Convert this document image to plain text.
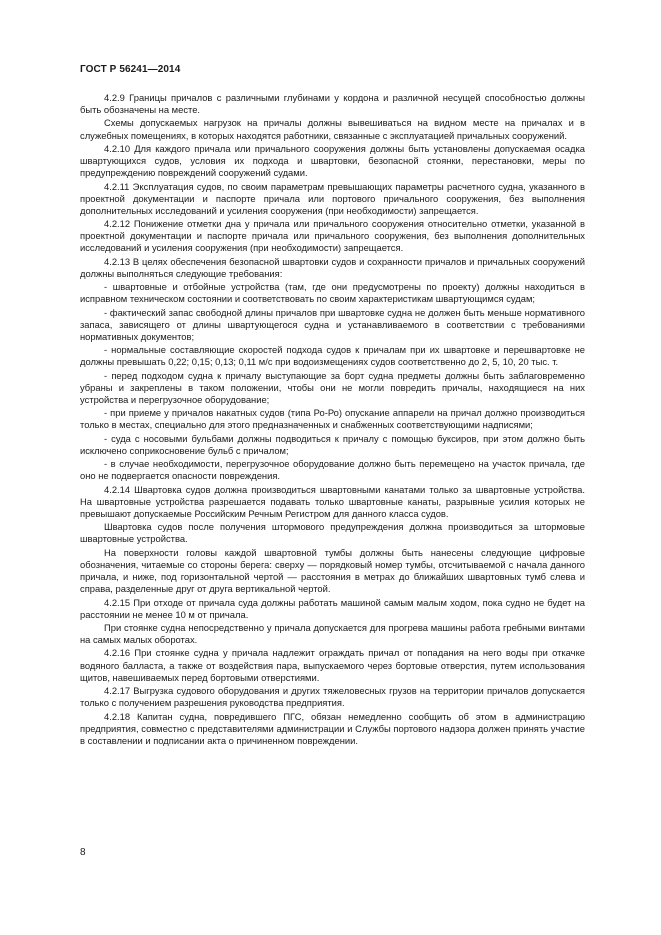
ГОСТ Р 56241—2014

4.2.9 Границы причалов с различными глубинами у кордона и различной несущей способностью должны быть обозначены на месте.

Схемы допускаемых нагрузок на причалы должны вывешиваться на видном месте на причалах и в служебных помещениях, в которых находятся работники, связанные с эксплуатацией причальных сооружений.

4.2.10 Для каждого причала или причального сооружения должны быть установлены допускаемая осадка швартующихся судов, условия их подхода и швартовки, безопасной стоянки, перестановки, меры по предупреждению повреждений сооружений судами.

4.2.11 Эксплуатация судов, по своим параметрам превышающих параметры расчетного судна, указанного в проектной документации и паспорте причала или портового причального сооружения, без выполнения дополнительных исследований и усиления сооружения (при необходимости) запрещается.

4.2.12 Понижение отметки дна у причала или причального сооружения относительно отметки, указанной в проектной документации и паспорте причала или причального сооружения, без выполнения дополнительных исследований и усиления сооружения (при необходимости) запрещается.

4.2.13 В целях обеспечения безопасной швартовки судов и сохранности причалов и причальных сооружений должны выполняться следующие требования:

- швартовные и отбойные устройства (там, где они предусмотрены по проекту) должны находиться в исправном техническом состоянии и соответствовать по своим характеристикам швартующимся судам;

- фактический запас свободной длины причалов при швартовке судна не должен быть меньше нормативного запаса, зависящего от длины швартующегося судна и устанавливаемого в соответствии с требованиями нормативных документов;

- нормальные составляющие скоростей подхода судов к причалам при их швартовке и перешвартовке не должны превышать 0,22; 0,15; 0,13; 0,11 м/с при водоизмещениях судов соответственно до 2, 5, 10, 20 тыс. т.

- перед подходом судна к причалу выступающие за борт судна предметы должны быть заблаговременно убраны и закреплены в таком положении, чтобы они не могли повредить причалы, находящиеся на них устройства и перегрузочное оборудование;

- при приеме у причалов накатных судов (типа Ро-Ро) опускание аппарели на причал должно производиться только в местах, специально для этого предназначенных и снабженных соответствующими надписями;

- суда с носовыми бульбами должны подводиться к причалу с помощью буксиров, при этом должно быть исключено соприкосновение бульб с причалом;

- в случае необходимости, перегрузочное оборудование должно быть перемещено на участок причала, где оно не подвергается опасности повреждения.

4.2.14 Швартовка судов должна производиться швартовными канатами только за швартовные устройства. На швартовные устройства разрешается подавать только швартовные канаты, разрывные усилия которых не превышают допускаемые Российским Речным Регистром для данного класса судов.

Швартовка судов после получения штормового предупреждения должна производиться за штормовые швартовные устройства.

На поверхности головы каждой швартовной тумбы должны быть нанесены следующие цифровые обозначения, читаемые со стороны берега: сверху — порядковый номер тумбы, отсчитываемой с начала данного причала, и ниже, под горизонтальной чертой — расстояния в метрах до ближайших швартовных тумб слева и справа, разделенные друг от друга вертикальной чертой.

4.2.15 При отходе от причала суда должны работать машиной самым малым ходом, пока судно не будет на расстоянии не менее 10 м от причала.

При стоянке судна непосредственно у причала допускается для прогрева машины работа гребными винтами на самых малых оборотах.

4.2.16 При стоянке судна у причала надлежит ограждать причал от попадания на него воды при откачке водяного балласта, а также от воздействия пара, выпускаемого через бортовые отверстия, путем использования щитов, навешиваемых перед бортовыми отверстиями.

4.2.17 Выгрузка судового оборудования и других тяжеловесных грузов на территории причалов допускается только с получением разрешения руководства предприятия.

4.2.18 Капитан судна, повредившего ПГС, обязан немедленно сообщить об этом в администрацию предприятия, совместно с представителями администрации и Службы портового надзора должен принять участие в составлении и подписании акта о причиненном повреждении.

8
